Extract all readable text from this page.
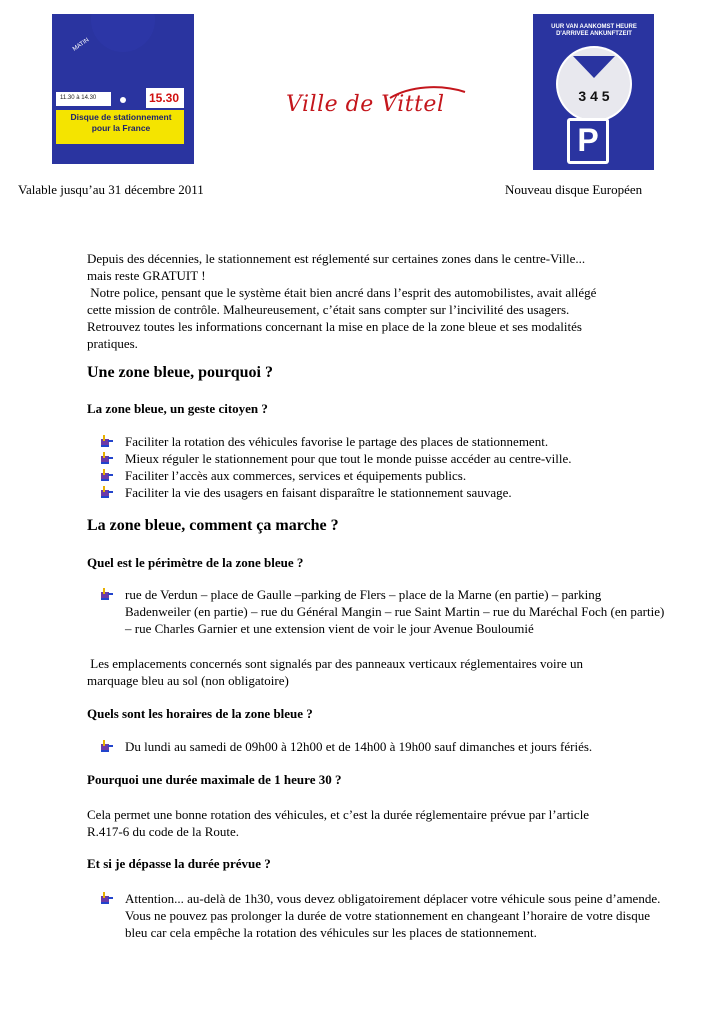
MATIN
11.30 à 14.30	15.30
Disque de stationnement pour la France
Ville de Vittel
UUR VAN AANKOMST HEURE D'ARRIVEE ANKUNFTZEIT
3 4 5
P
Valable jusqu’au 31 décembre 2011	Nouveau disque Européen
Depuis des décennies, le stationnement est réglementé sur certaines zones dans le centre-Ville...
mais reste GRATUIT !
Notre police, pensant que le système était bien ancré dans l’esprit des automobilistes, avait allégé
cette mission de contrôle. Malheureusement, c’était sans compter sur l’incivilité des usagers.
Retrouvez toutes les informations concernant la mise en place de la zone bleue et ses modalités
pratiques.
Une zone bleue, pourquoi ?
La zone bleue, un geste citoyen ?
Faciliter la rotation des véhicules favorise le partage des places de stationnement.
Mieux réguler le stationnement pour que tout le monde puisse accéder au centre-ville.
Faciliter l’accès aux commerces, services et équipements publics.
Faciliter la vie des usagers en faisant disparaître le stationnement sauvage.
La zone bleue, comment ça marche ?
Quel est le périmètre de la zone bleue ?
rue de Verdun – place de Gaulle –parking de Flers – place de la Marne (en partie) – parking Badenweiler (en partie) – rue du Général Mangin – rue Saint Martin – rue du Maréchal Foch (en partie) – rue Charles Garnier et une extension vient de voir le jour Avenue Bouloumié
Les emplacements concernés sont signalés par des panneaux verticaux réglementaires voire un
marquage bleu au sol (non obligatoire)
Quels sont les horaires de la zone bleue ?
Du lundi au samedi de 09h00 à 12h00 et de 14h00 à 19h00 sauf dimanches et jours fériés.
Pourquoi une durée maximale de 1 heure 30 ?
Cela permet une bonne rotation des véhicules, et c’est la durée réglementaire prévue par l’article
R.417-6 du code de la Route.
Et si je dépasse la durée prévue ?
Attention... au-delà de 1h30, vous devez obligatoirement déplacer votre véhicule sous peine d’amende. Vous ne pouvez pas prolonger la durée de votre stationnement en changeant l’horaire de votre disque bleu car cela empêche la rotation des véhicules sur les places de stationnement.
